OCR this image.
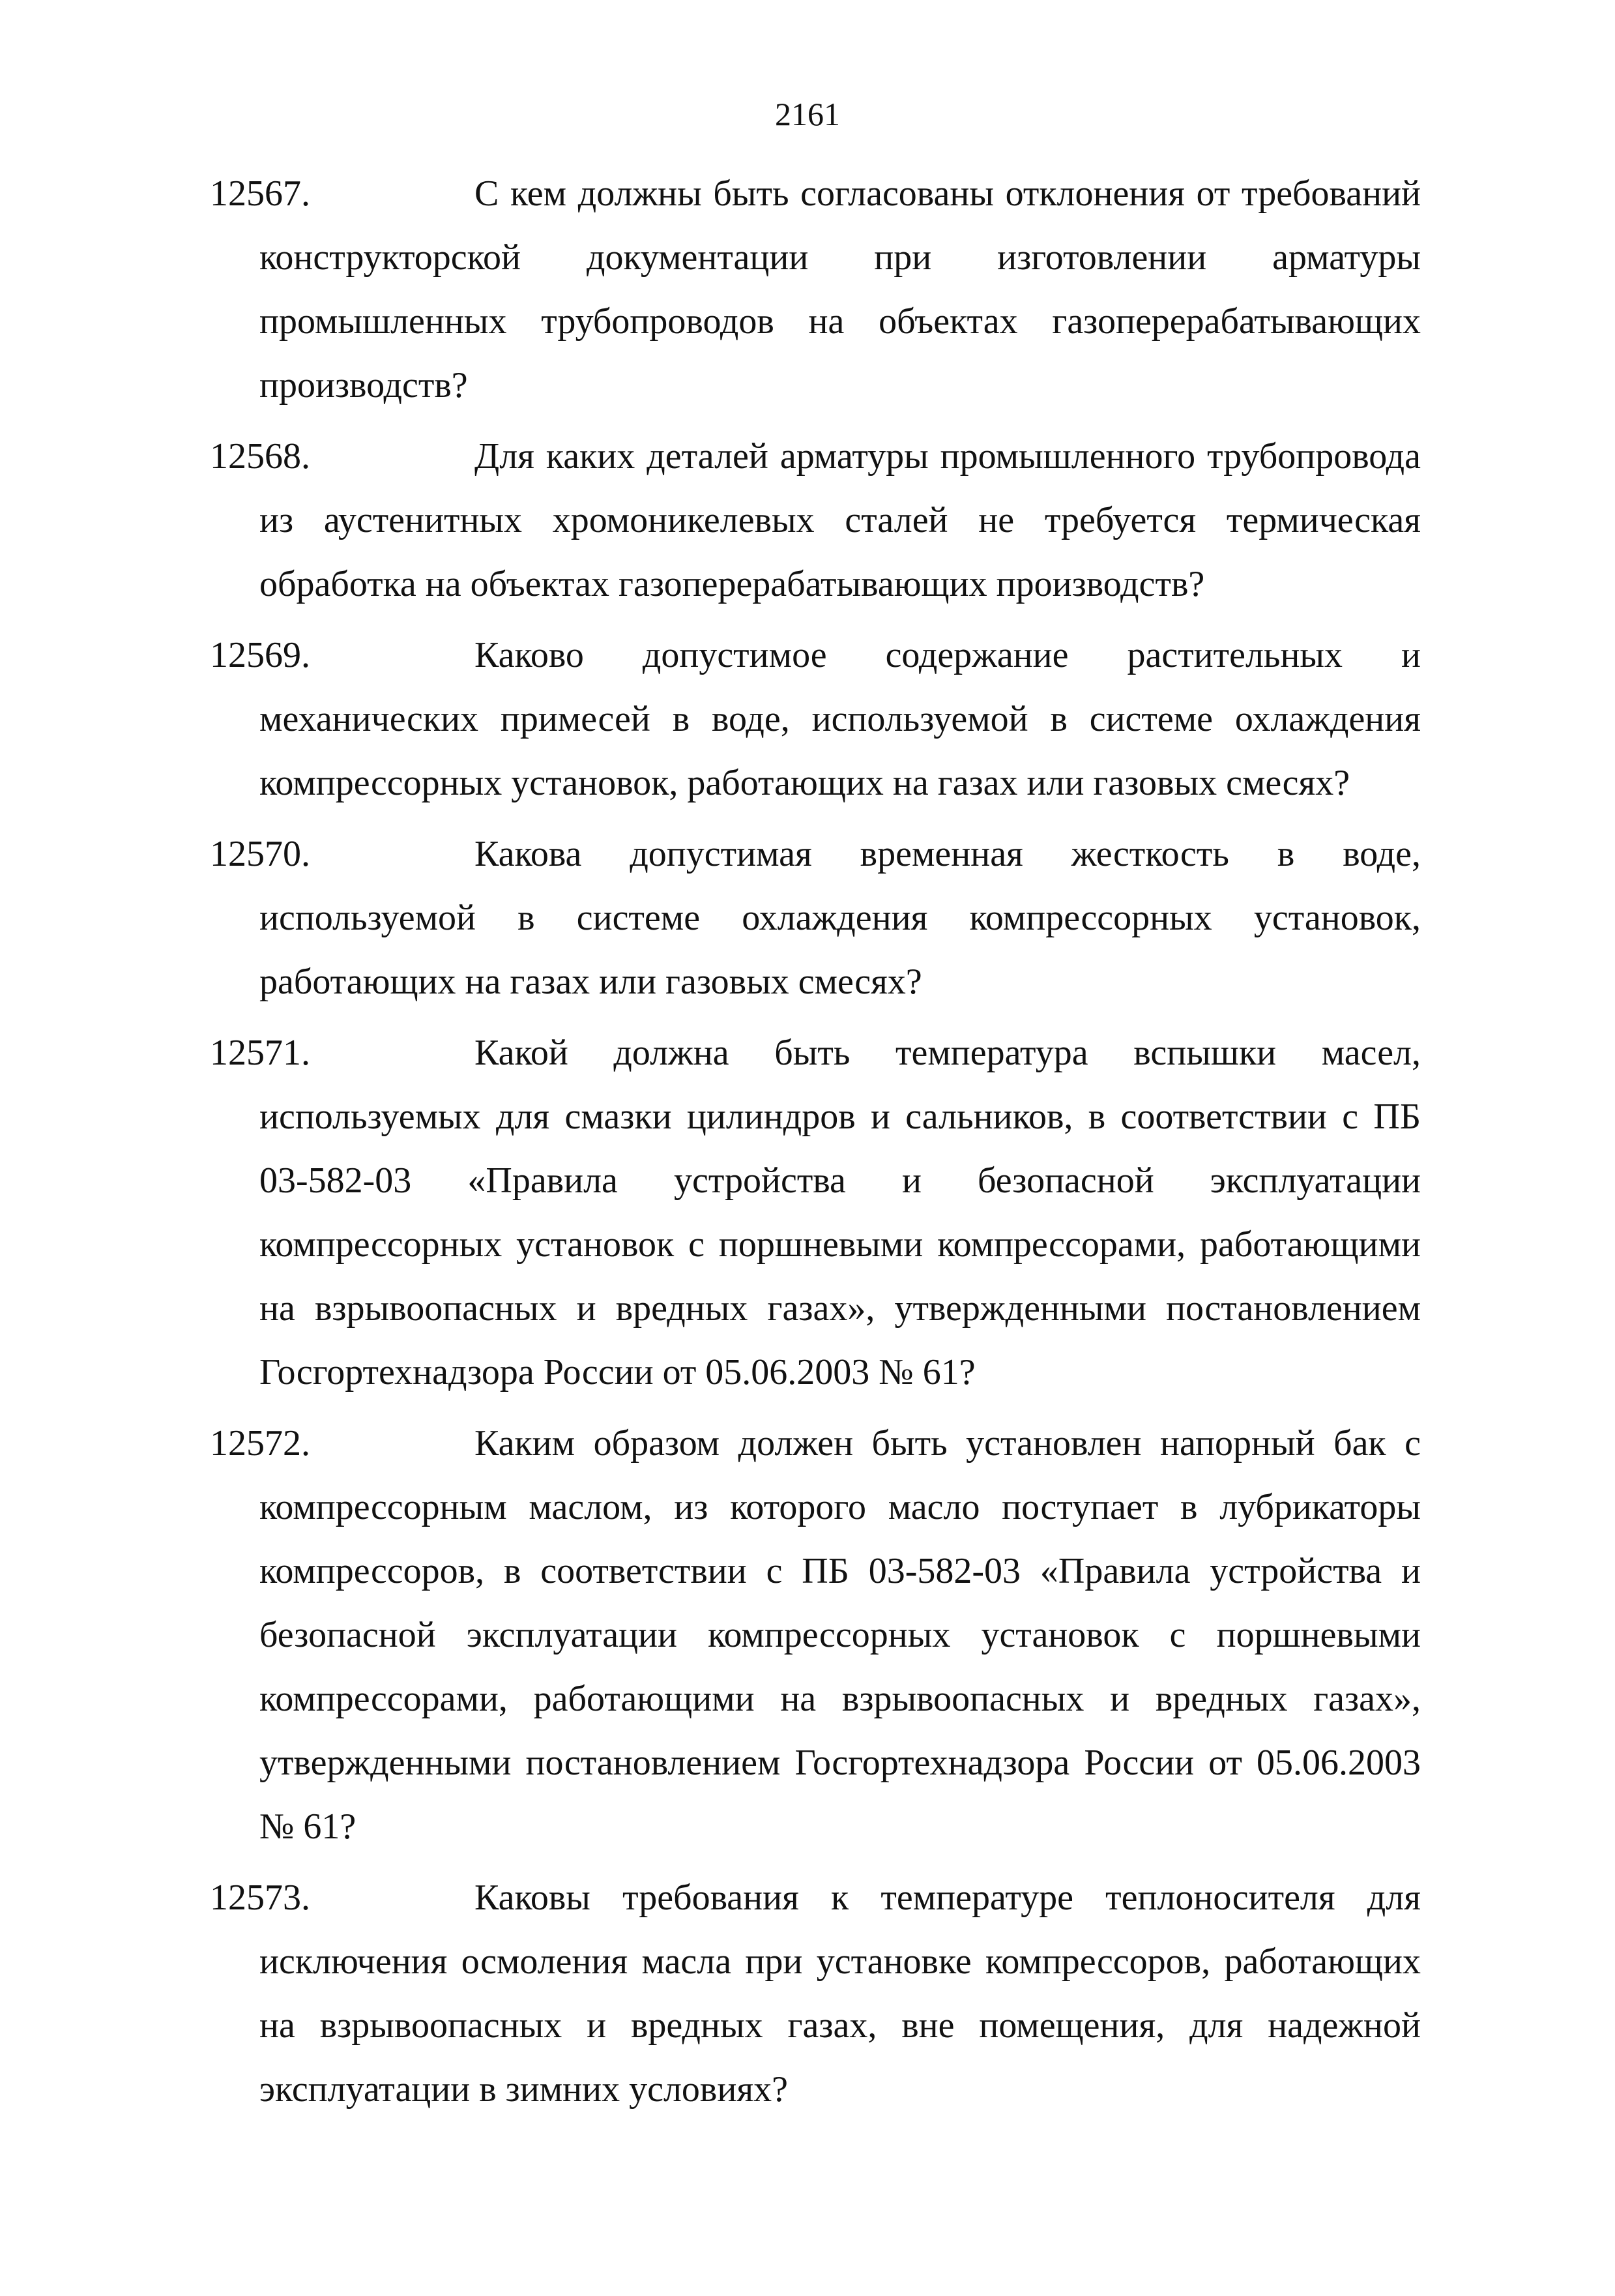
2161
12567.	С кем должны быть согласованы отклонения от требований конструкторской документации при изготовлении арматуры промышленных трубопроводов на объектах газоперерабатывающих производств?
12568.	Для каких деталей арматуры промышленного трубопровода из аустенитных хромоникелевых сталей не требуется термическая обработка на объектах газоперерабатывающих производств?
12569.	Каково допустимое содержание растительных и механических примесей в воде, используемой в системе охлаждения компрессорных установок, работающих на газах или газовых смесях?
12570.	Какова допустимая временная жесткость в воде, используемой в системе охлаждения компрессорных установок, работающих на газах или газовых смесях?
12571.	Какой должна быть температура вспышки масел, используемых для смазки цилиндров и сальников, в соответствии с ПБ 03-582-03 «Правила устройства и безопасной эксплуатации компрессорных установок с поршневыми компрессорами, работающими на взрывоопасных и вредных газах», утвержденными постановлением Госгортехнадзора России от 05.06.2003 № 61?
12572.	Каким образом должен быть установлен напорный бак с компрессорным маслом, из которого масло поступает в лубрикаторы компрессоров, в соответствии с ПБ 03-582-03 «Правила устройства и безопасной эксплуатации компрессорных установок с поршневыми компрессорами, работающими на взрывоопасных и вредных газах», утвержденными постановлением Госгортехнадзора России от 05.06.2003 № 61?
12573.	Каковы требования к температуре теплоносителя для исключения осмоления масла при установке компрессоров, работающих на взрывоопасных и вредных газах, вне помещения, для надежной эксплуатации в зимних условиях?
